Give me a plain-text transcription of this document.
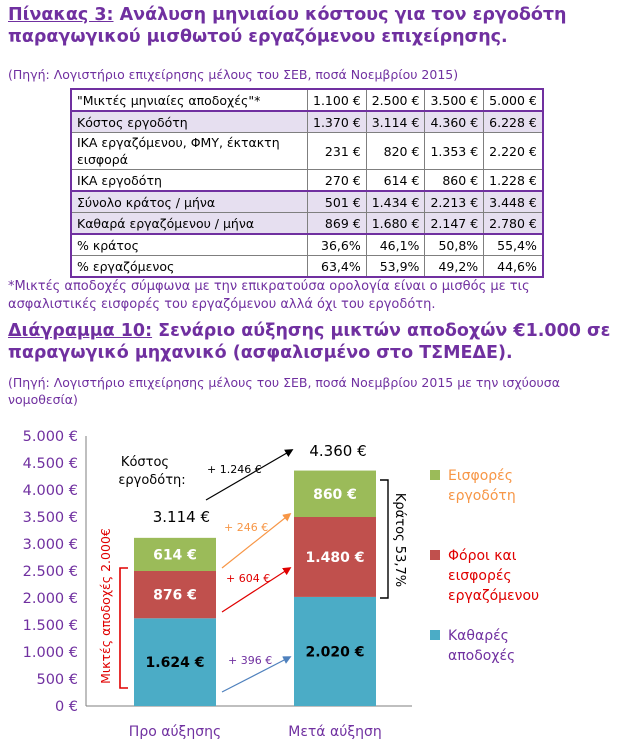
Πίνακας 3: Ανάλυση μηνιαίου κόστους για τον εργοδότη παραγωγικού μισθωτού εργαζόμενου επιχείρησης.
(Πηγή: Λογιστήριο επιχείρησης μέλους του ΣΕΒ, ποσά Νοεμβρίου 2015)
"Μικτές μηνιαίες αποδοχές"*	1.100 €	2.500 €	3.500 €	5.000 €
Κόστος εργοδότη	1.370 €	3.114 €	4.360 €	6.228 €
ΙΚΑ εργαζόμενου, ΦΜΥ, έκτακτη εισφορά	231 €	820 €	1.353 €	2.220 €
ΙΚΑ εργοδότη	270 €	614 €	860 €	1.228 €
Σύνολο κράτος / μήνα	501 €	1.434 €	2.213 €	3.448 €
Καθαρά εργαζόμενου / μήνα	869 €	1.680 €	2.147 €	2.780 €
% κράτος	36,6%	46,1%	50,8%	55,4%
% εργαζόμενος	63,4%	53,9%	49,2%	44,6%
*Μικτές αποδοχές σύμφωνα με την επικρατούσα ορολογία είναι ο μισθός με τις ασφαλιστικές εισφορές του εργαζόμενου αλλά όχι του εργοδότη.
Διάγραμμα 10: Σενάριο αύξησης μικτών αποδοχών €1.000 σε παραγωγικό μηχανικό (ασφαλισμένο στο ΤΣΜΕΔΕ).
(Πηγή: Λογιστήριο επιχείρησης μέλους του ΣΕΒ, ποσά Νοεμβρίου 2015 με την ισχύουσα νομοθεσία)
0 €
500 €
1.000 €
1.500 €
2.000 €
2.500 €
3.000 €
3.500 €
4.000 €
4.500 €
5.000 €
1.624 €
876 €
614 €
Προ αύξησης
2.020 €
1.480 €
860 €
Μετά αύξηση
3.114 €
4.360 €
Κόστος
εργοδότη:
+ 1.246 €
+ 246 €
+ 604 €
+ 396 €
Μικτές αποδοχές 2.000€	Κράτος 53,7%
Εισφορές
εργοδότη
Φόροι και
εισφορές
εργαζόμενου
Καθαρές
αποδοχές
